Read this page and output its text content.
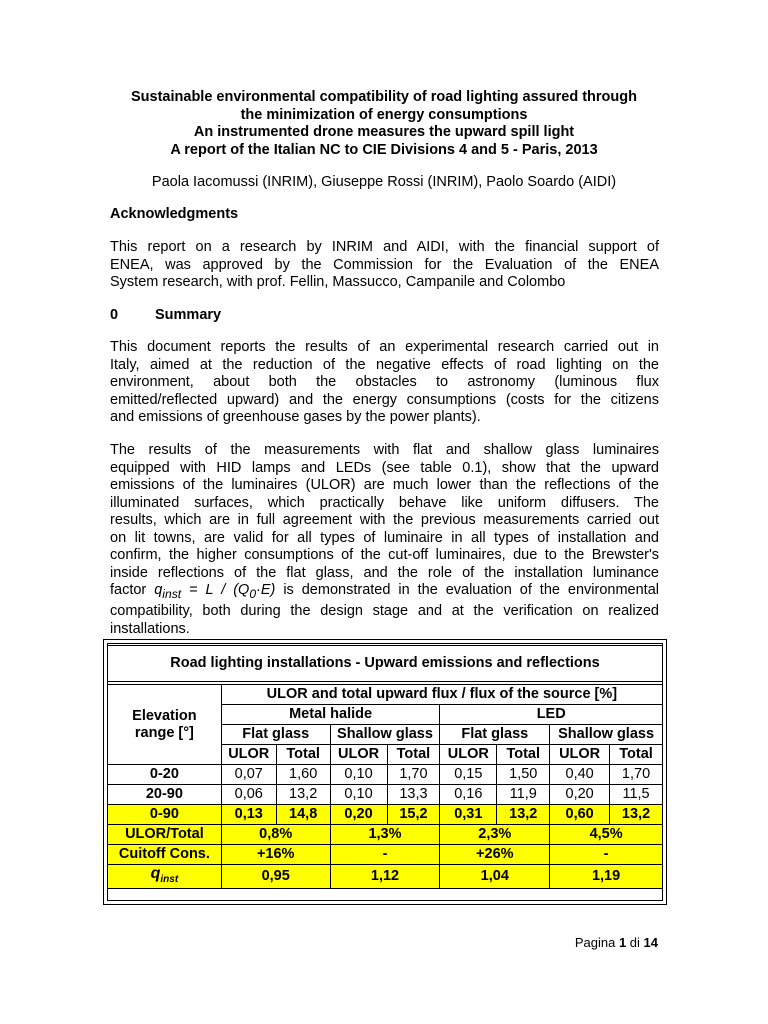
Sustainable environmental compatibility of road lighting assured through
the minimization of energy consumptions
An instrumented drone measures the upward spill light
A report of the Italian NC to CIE Divisions 4 and 5 - Paris, 2013
Paola Iacomussi (INRIM), Giuseppe Rossi (INRIM), Paolo Soardo (AIDI)
Acknowledgments
This report on a research by INRIM and AIDI, with the financial support of
ENEA, was approved by the Commission for the Evaluation of the ENEA
System research, with prof. Fellin, Massucco, Campanile and Colombo
0	Summary
This document reports the results of an experimental research carried out in
Italy, aimed at the reduction of the negative effects of road lighting on the
environment, about both the obstacles to astronomy (luminous flux
emitted/reflected upward) and the energy consumptions (costs for the citizens
and emissions of greenhouse gases by the power plants).
The results of the measurements with flat and shallow glass luminaires
equipped with HID lamps and LEDs (see table 0.1), show that the upward
emissions of the luminaires (ULOR) are much lower than the reflections of the
illuminated surfaces, which practically behave like uniform diffusers. The
results, which are in full agreement with the previous measurements carried out
on lit towns, are valid for all types of luminaire in all types of installation and
confirm, the higher consumptions of the cut-off luminaires, due to the Brewster's
inside reflections of the flat glass, and the role of the installation luminance
factor $q_{inst} = L / (Q_0\cdot E)$ is demonstrated in the evaluation of the environmental
compatibility, both during the design stage and at the verification on realized
installations.
Road lighting installations - Upward emissions and reflections
Elevation
range [°]	ULOR and total upward flux / flux of the source [%]							
	Metal halide				LED			
	Flat glass		Shallow glass		Flat glass		Shallow glass	
	ULOR	Total	ULOR	Total	ULOR	Total	ULOR	Total
0-20	0,07	1,60	0,10	1,70	0,15	1,50	0,40	1,70
20-90	0,06	13,2	0,10	13,3	0,16	11,9	0,20	11,5
0-90	0,13	14,8	0,20	15,2	0,31	13,2	0,60	13,2
ULOR/Total	0,8%		1,3%		2,3%		4,5%	
Cuitoff Cons.	+16%		-		+26%		-	
$q_{inst}$	0,95		1,12		1,04		1,19	
Pagina 1 di 14
